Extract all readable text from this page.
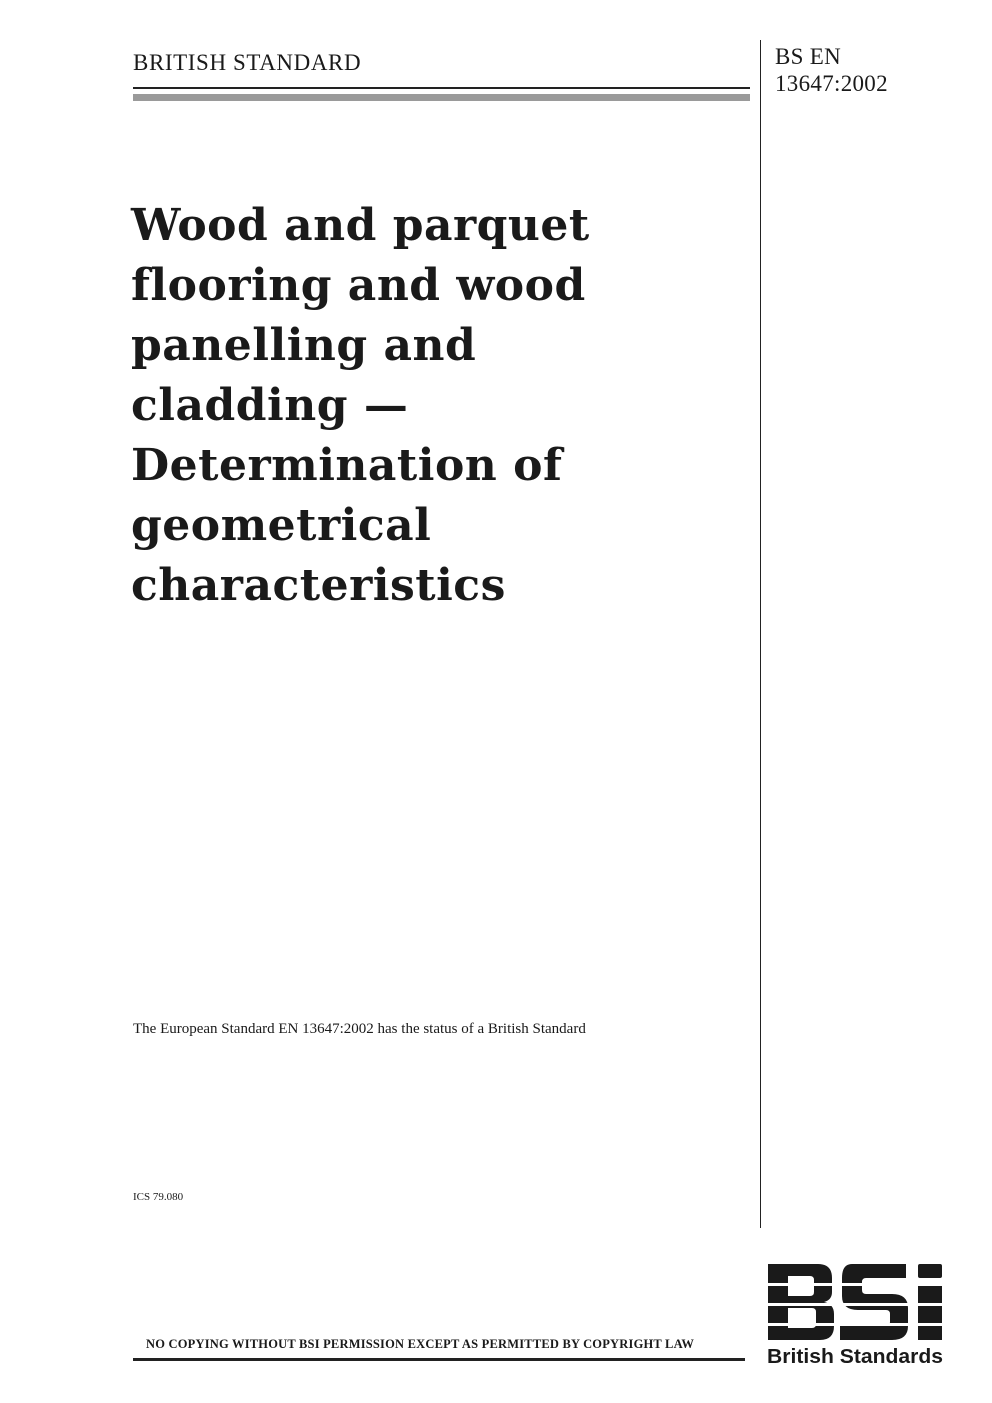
BRITISH STANDARD	BS EN
13647:2002
Wood and parquet
flooring and wood
panelling and
cladding —
Determination of
geometrical
characteristics
The European Standard EN 13647:2002 has the status of a British Standard
ICS 79.080
NO COPYING WITHOUT BSI PERMISSION EXCEPT AS PERMITTED BY COPYRIGHT LAW
British Standards
